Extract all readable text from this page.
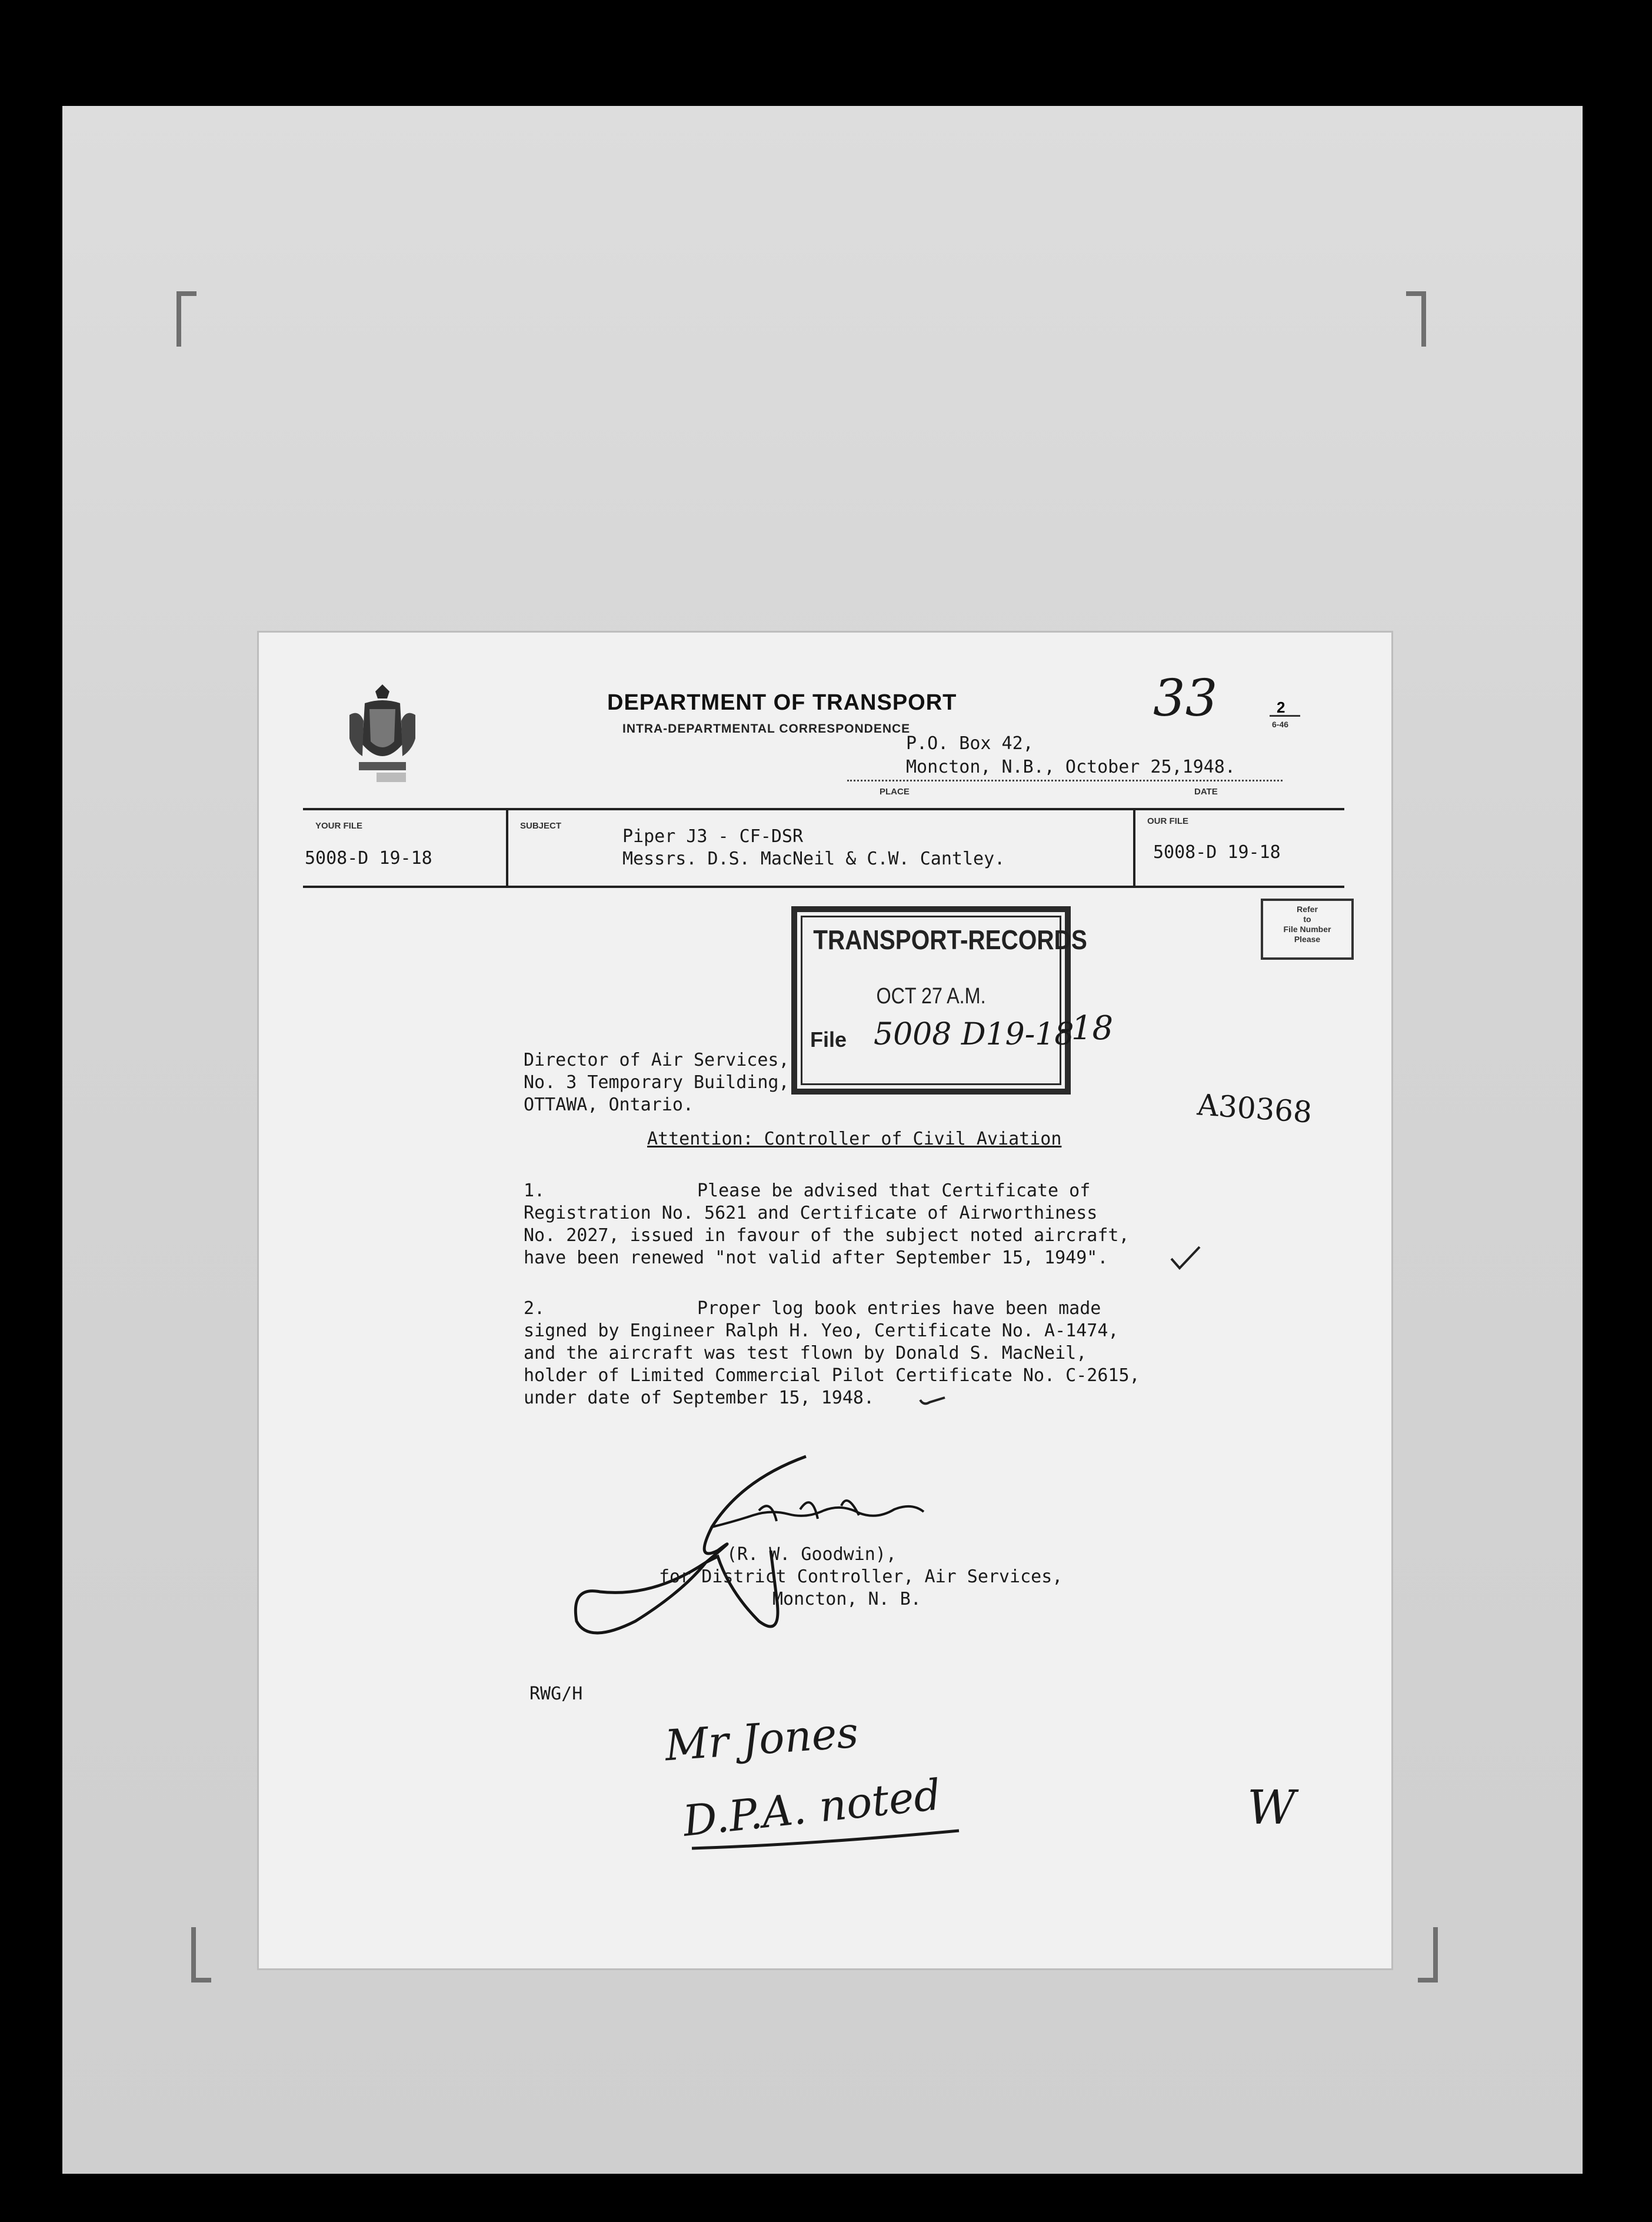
DEPARTMENT OF TRANSPORT
INTRA-DEPARTMENTAL CORRESPONDENCE
33	2
6-46
P.O. Box 42,
Moncton, N.B., October 25,1948.
PLACE	DATE
YOUR FILE
5008-D 19-18
SUBJECT
Piper J3 - CF-DSR
Messrs. D.S. MacNeil & C.W. Cantley.
OUR FILE
5008-D 19-18
Refer
to
File Number
Please
TRANSPORT-RECORDS
OCT 27 A.M.
File 5008 D19-18
-18
Director of Air Services,
No. 3 Temporary Building,
OTTAWA, Ontario.	A30368
Attention: Controller of Civil Aviation
1.	Please be advised that Certificate of
Registration No. 5621 and Certificate of Airworthiness
No. 2027, issued in favour of the subject noted aircraft,
have been renewed "not valid after September 15, 1949".
2.	Proper log book entries have been made
signed by Engineer Ralph H. Yeo, Certificate No. A-1474,
and the aircraft was test flown by Donald S. MacNeil,
holder of Limited Commercial Pilot Certificate No. C-2615,
under date of September 15, 1948.
(R. W. Goodwin),
for District Controller, Air Services,
Moncton, N. B.
RWG/H
Mr Jones
D.P.A. noted	W
